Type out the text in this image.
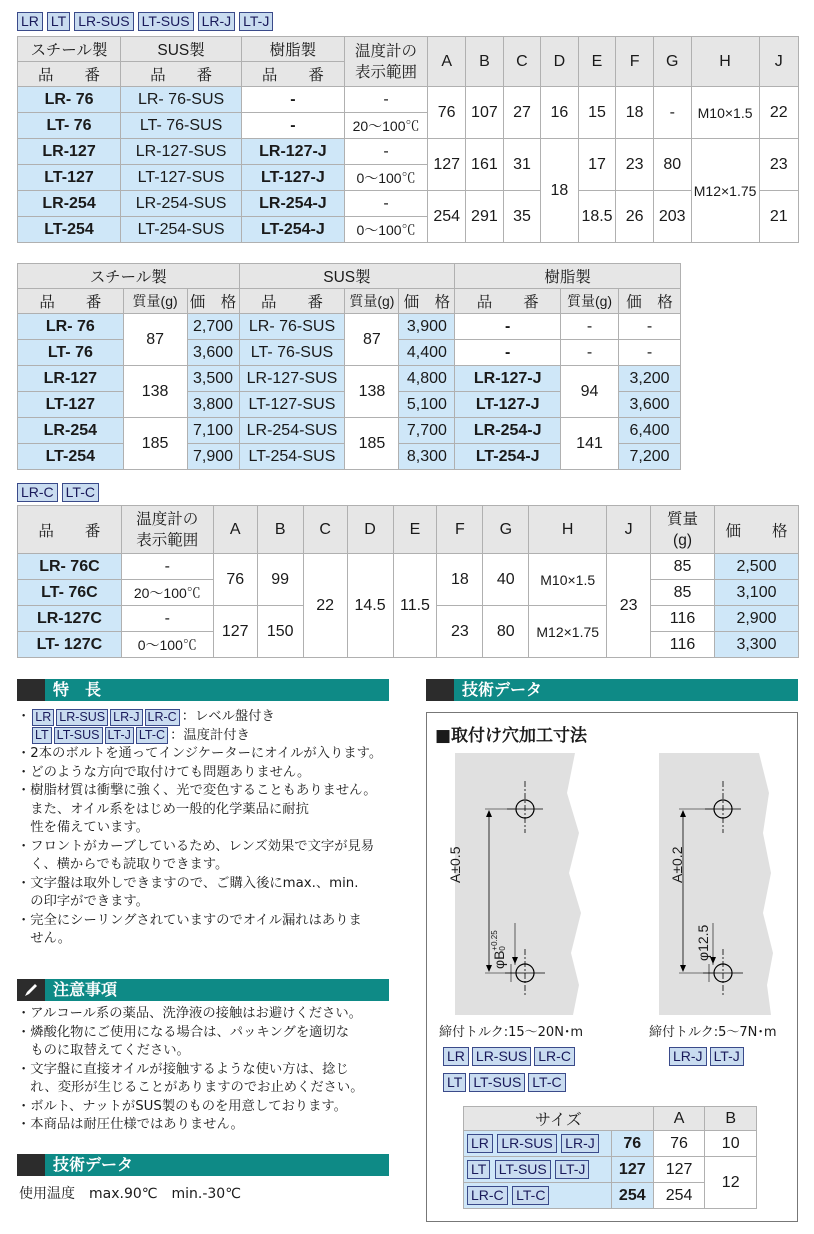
LR LT LR-SUS LT-SUS LR-J LT-J
スチール製	SUS製	樹脂製	温度計の
表示範囲	A	B	C	D	E	F	G	H	J
品　　番	品　　番	品　　番										
LR- 76	LR- 76-SUS	-	-	76	107	27	16	15	18	-	M10×1.5	22
LT- 76	LT- 76-SUS	-	20～100℃									
LR-127	LR-127-SUS	LR-127-J	-	127	161	31	18	17	23	80	M12×1.75	23
LT-127	LT-127-SUS	LT-127-J	0～100℃									
LR-254	LR-254-SUS	LR-254-J	-	254	291	35		18.5	26	203		21
LT-254	LT-254-SUS	LT-254-J	0～100℃									
スチール製			SUS製			樹脂製		
品　　番	質量(g)	価　格	品　　番	質量(g)	価　格	品　　番	質量(g)	価　格
LR- 76	87	2,700	LR- 76-SUS	87	3,900	-	-	-
LT- 76		3,600	LT- 76-SUS		4,400	-	-	-
LR-127	138	3,500	LR-127-SUS	138	4,800	LR-127-J	94	3,200
LT-127		3,800	LT-127-SUS		5,100	LT-127-J		3,600
LR-254	185	7,100	LR-254-SUS	185	7,700	LR-254-J	141	6,400
LT-254		7,900	LT-254-SUS		8,300	LT-254-J		7,200
LR-C LT-C
品　　番	温度計の
表示範囲	A	B	C	D	E	F	G	H	J	質量
(g)	価　　格
LR- 76C	-	76	99	22	14.5	11.5	18	40	M10×1.5	23	85	2,500
LT- 76C	20～100℃										85	3,100
LR-127C	-	127	150				23	80	M12×1.75		116	2,900
LT- 127C	0～100℃										116	3,300
特　長
・ LR LR-SUS LR-J LR-C ：レベル盤付き
LT LT-SUS LT-J LT-C ：温度計付き
・2本のボルトを通ってインジケーターにオイルが入ります。
・どのような方向で取付けても問題ありません。
・樹脂材質は衝撃に強く、光で変色することもありません。
　また、オイル系をはじめ一般的化学薬品に耐抗
　性を備えています。
・フロントがカーブしているため、レンズ効果で文字が見易
　く、横からでも読取りできます。
・文字盤は取外しできますので、ご購入後にmax.、min.
　の印字ができます。
・完全にシーリングされていますのでオイル漏れはありま
　せん。
注意事項
・アルコール系の薬品、洗浄液の接触はお避けください。
・燐酸化物にご使用になる場合は、パッキングを適切な
　ものに取替えてください。
・文字盤に直接オイルが接触するような使い方は、捻じ
　れ、変形が生じることがありますのでお止めください。
・ボルト、ナットがSUS製のものを用意しております。
・本商品は耐圧仕様ではありません。
技術データ
使用温度　max.90℃　min.-30℃
技術データ
■取付け穴加工寸法
A±0.5
φB
+0.25 0
A±0.2
φ12.5
締付トルク:15～20N･m	締付トルク:5～7N･m
LR LR-SUS LR-C
LT LT-SUS LT-C
LR-J LT-J
サイズ		A	B
LR LR-SUS LR-J	76	76	10
LT LT-SUS LT-J	127	127	12
LR-C LT-C	254	254	
